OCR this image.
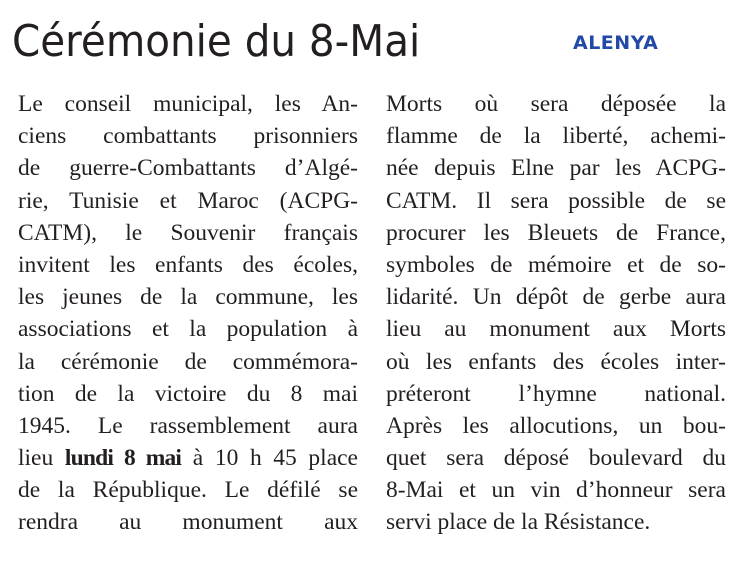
Cérémonie du 8-Mai	ALENYA
Le conseil municipal, les An-
ciens combattants prisonniers
de guerre-Combattants d’Algé-
rie, Tunisie et Maroc (ACPG-
CATM), le Souvenir français
invitent les enfants des écoles,
les jeunes de la commune, les
associations et la population à
la cérémonie de commémora-
tion de la victoire du 8 mai
1945. Le rassemblement aura
lieu lundi 8 mai à 10 h 45 place
de la République. Le défilé se
rendra au monument aux
Morts où sera déposée la
flamme de la liberté, achemi-
née depuis Elne par les ACPG-
CATM. Il sera possible de se
procurer les Bleuets de France,
symboles de mémoire et de so-
lidarité. Un dépôt de gerbe aura
lieu au monument aux Morts
où les enfants des écoles inter-
préteront l’hymne national.
Après les allocutions, un bou-
quet sera déposé boulevard du
8-Mai et un vin d’honneur sera
servi place de la Résistance.
